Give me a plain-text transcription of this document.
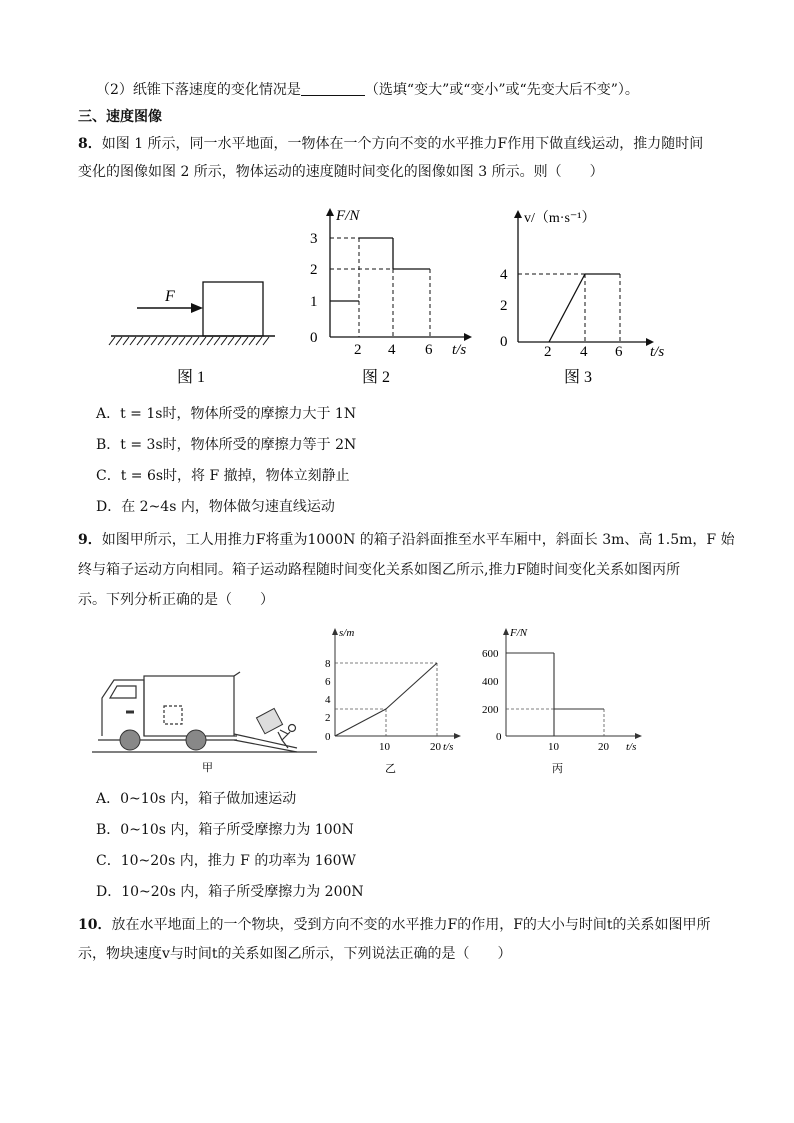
（2）纸锥下落速度的变化情况是	（选填“变大”或“变小”或“先变大后不变”）。
三、速度图像
8．如图 1 所示，同一水平地面，一物体在一个方向不变的水平推力F作用下做直线运动，推力随时间
变化的图像如图 2 所示，物体运动的速度随时间变化的图像如图 3 所示。则（　　）
F
图 1
F/N
t/s
3
2
1
0
2 4 6
图 2
v/（m·s⁻¹）
t/s
4
2
0
2 4 6
图 3
A．t = 1s时，物体所受的摩擦力大于 1N
B．t = 3s时，物体所受的摩擦力等于 2N
C．t = 6s时，将 F 撤掉，物体立刻静止
D．在 2~4s 内，物体做匀速直线运动
9．如图甲所示，工人用推力F将重为1000N 的箱子沿斜面推至水平车厢中，斜面长 3m、高 1.5m，F 始
终与箱子运动方向相同。箱子运动路程随时间变化关系如图乙所示,推力F随时间变化关系如图丙所
示。下列分析正确的是（　　）
甲
s/m
t/s
8
6
4
2
0
10	20
乙
F/N
t/s
600
400
200
0
10	20
丙
A．0~10s 内，箱子做加速运动
B．0~10s 内，箱子所受摩擦力为 100N
C．10~20s 内，推力 F 的功率为 160W
D．10~20s 内，箱子所受摩擦力为 200N
10．放在水平地面上的一个物块，受到方向不变的水平推力F的作用，F的大小与时间t的关系如图甲所
示，物块速度v与时间t的关系如图乙所示，下列说法正确的是（　　）
